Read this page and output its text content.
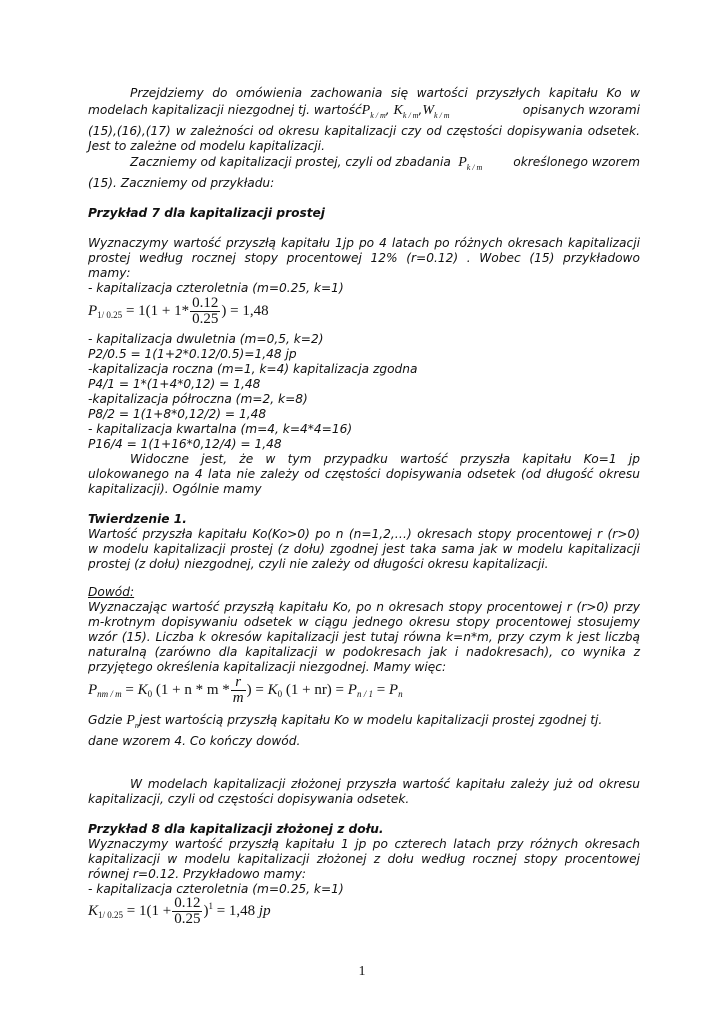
Przejdziemy do omówienia zachowania się wartości przyszłych kapitału Ko w

modelach kapitalizacji niezgodnej tj. wartośćP$_{k / m}$, $K_{k / m},W_{k / m}$	opisanych wzorami

(15),(16),(17) w zależności od okresu kapitalizacji czy od częstości dopisywania odsetek.

Jest to zależne od modelu kapitalizacji.

Zaczniemy od kapitalizacji prostej, czyli od zbadania $P_{k / m}$	określonego wzorem

(15). Zaczniemy od przykładu:

Przykład 7 dla kapitalizacji prostej

Wyznaczymy wartość przyszłą kapitału 1jp po 4 latach po różnych okresach kapitalizacji

prostej według rocznej stopy procentowej 12% (r=0.12) . Wobec (15) przykładowo

mamy:

- kapitalizacja czteroletnia (m=0.25, k=1)

$P_{1/ 0.25} = 1(1 + 1* \frac{0.12}{0.25}$ ) = 1,48

- kapitalizacja dwuletnia (m=0,5, k=2)

P2/0.5 = 1(1+2*0.12/0.5)=1,48 jp

-kapitalizacja roczna (m=1, k=4) kapitalizacja zgodna

P4/1 = 1*(1+4*0,12) = 1,48

-kapitalizacja półroczna (m=2, k=8)

P8/2 = 1(1+8*0,12/2) = 1,48

- kapitalizacja kwartalna (m=4, k=4*4=16)

P16/4 = 1(1+16*0,12/4) = 1,48

Widoczne jest, że w tym przypadku wartość przyszła kapitału Ko=1 jp

ulokowanego na 4 lata nie zależy od częstości dopisywania odsetek (od długość okresu

kapitalizacji). Ogólnie mamy

Twierdzenie 1.

Wartość przyszła kapitału Ko(Ko>0) po n (n=1,2,…) okresach stopy procentowej r (r>0)

w modelu kapitalizacji prostej (z dołu) zgodnej jest taka sama jak w modelu kapitalizacji

prostej (z dołu) niezgodnej, czyli nie zależy od długości okresu kapitalizacji.

Dowód:

Wyznaczając wartość przyszłą kapitału Ko, po n okresach stopy procentowej r (r>0) przy

m-krotnym dopisywaniu odsetek w ciągu jednego okresu stopy procentowej stosujemy

wzór (15). Liczba k okresów kapitalizacji jest tutaj równa k=n*m, przy czym k jest liczbą

naturalną (zarówno dla kapitalizacji w podokresach jak i nadokresach), co wynika z

przyjętego określenia kapitalizacji niezgodnej. Mamy więc:

$P_{nm / m} = K_0$ ($1 + n * m * \frac{r}{m}$ ) = $K_0$ $(1 + nr) = P_{n / 1} = P_n$

Gdzie $P_njest$ wartością przyszłą kapitału Ko w modelu kapitalizacji prostej zgodnej tj.

dane wzorem 4. Co kończy dowód.

W modelach kapitalizacji złożonej przyszła wartość kapitału zależy już od okresu

kapitalizacji, czyli od częstości dopisywania odsetek.

Przykład 8 dla kapitalizacji złożonej z dołu.

Wyznaczymy wartość przyszłą kapitału 1 jp po czterech latach przy różnych okresach

kapitalizacji w modelu kapitalizacji złożonej z dołu według rocznej stopy procentowej

równej r=0.12. Przykładowo mamy:

- kapitalizacja czteroletnia (m=0.25, k=1)

$K_{1/ 0.25} = 1(1 + \frac{0.12}{0.25} )^1 = 1,48$ jp
1
